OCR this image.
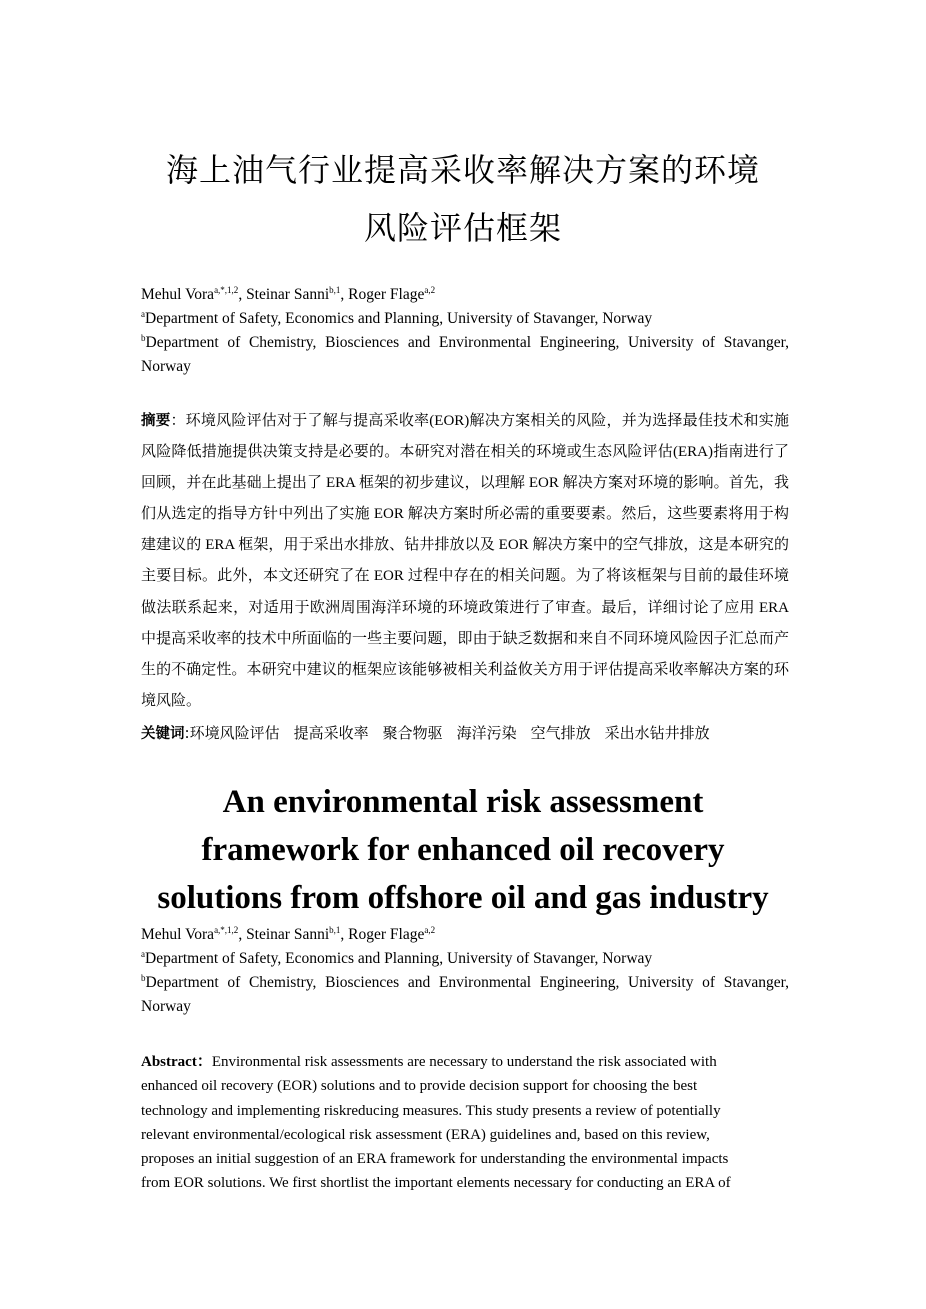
海上油气行业提高采收率解决方案的环境
风险评估框架
Mehul Vora$^{a,*,1,2}$, Steinar Sanni$^{b,1}$, Roger Flage$^{a,2}$
$^a$Department of Safety, Economics and Planning, University of Stavanger, Norway
$^b$Department of Chemistry, Biosciences and Environmental Engineering, University of Stavanger,
Norway
摘要：环境风险评估对于了解与提高采收率(EOR)解决方案相关的风险，并为选择最佳技术和实施风险降低措施提供决策支持是必要的。本研究对潜在相关的环境或生态风险评估(ERA)指南进行了回顾，并在此基础上提出了 ERA 框架的初步建议，以理解 EOR 解决方案对环境的影响。首先，我们从选定的指导方针中列出了实施 EOR 解决方案时所必需的重要要素。然后，这些要素将用于构建建议的 ERA 框架，用于采出水排放、钻井排放以及 EOR 解决方案中的空气排放，这是本研究的主要目标。此外，本文还研究了在 EOR 过程中存在的相关问题。为了将该框架与目前的最佳环境做法联系起来，对适用于欧洲周围海洋环境的环境政策进行了审查。最后，详细讨论了应用 ERA 中提高采收率的技术中所面临的一些主要问题，即由于缺乏数据和来自不同环境风险因子汇总而产生的不确定性。本研究中建议的框架应该能够被相关利益攸关方用于评估提高采收率解决方案的环境风险。
关键词:环境风险评估 提高采收率 聚合物驱 海洋污染 空气排放 采出水钻井排放
An environmental risk assessment
framework for enhanced oil recovery
solutions from offshore oil and gas industry
Mehul Vora$^{a,*,1,2}$, Steinar Sanni$^{b,1}$, Roger Flage$^{a,2}$
$^a$Department of Safety, Economics and Planning, University of Stavanger, Norway
$^b$Department of Chemistry, Biosciences and Environmental Engineering, University of Stavanger,
Norway
Abstract：Environmental risk assessments are necessary to understand the risk associated with
enhanced oil recovery (EOR) solutions and to provide decision support for choosing the best
technology and implementing riskreducing measures. This study presents a review of potentially
relevant environmental/ecological risk assessment (ERA) guidelines and, based on this review,
proposes an initial suggestion of an ERA framework for understanding the environmental impacts
from EOR solutions. We first shortlist the important elements necessary for conducting an ERA of
